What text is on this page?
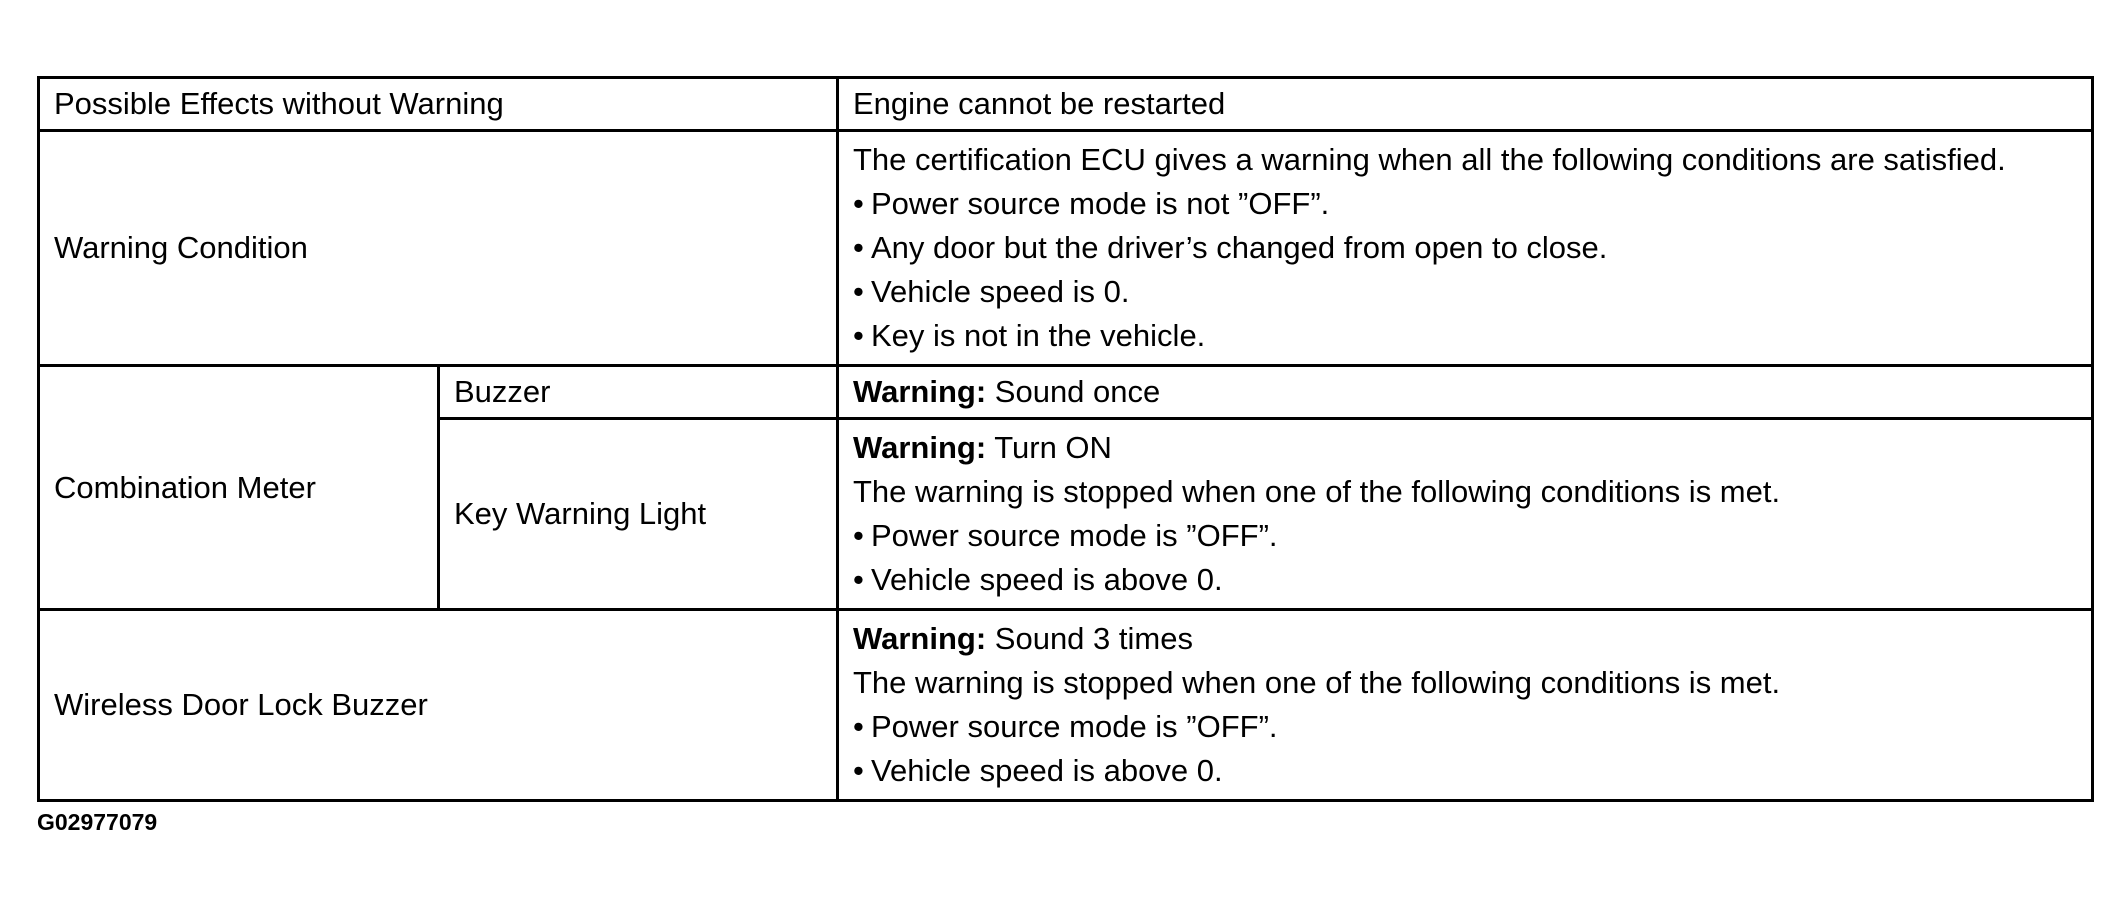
Possible Effects without Warning		Engine cannot be restarted
Warning Condition		The certification ECU gives a warning when all the following conditions are satisfied.
• Power source mode is not ”OFF”.
• Any door but the driver’s changed from open to close.
• Vehicle speed is 0.
• Key is not in the vehicle.

Combination Meter	Buzzer	Warning: Sound once
	Key Warning Light	Warning: Turn ON
The warning is stopped when one of the following conditions is met.
• Power source mode is ”OFF”.
• Vehicle speed is above 0.

Wireless Door Lock Buzzer		Warning: Sound 3 times
The warning is stopped when one of the following conditions is met.
• Power source mode is ”OFF”.
• Vehicle speed is above 0.
G02977079
